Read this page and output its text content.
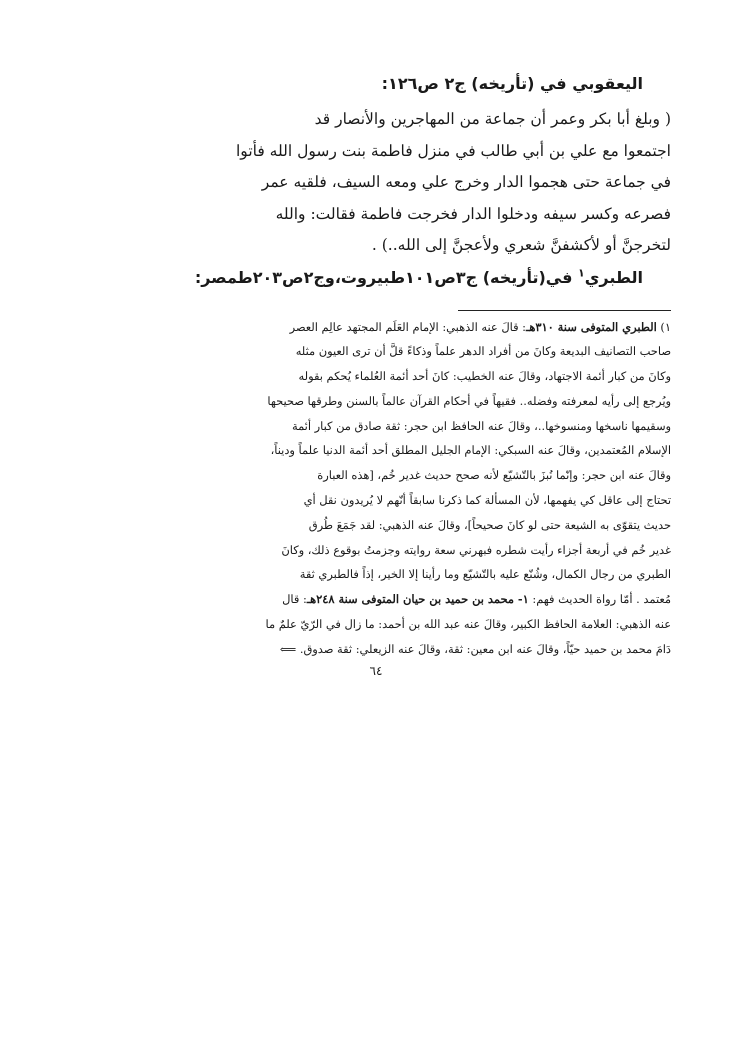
اليعقوبي في (تأريخه) ج٢ ص١٢٦:

( وبلغ أبا بكر وعمر أن جماعة من المهاجرين والأنصار قد

اجتمعوا مع علي بن أبي طالب في منزل فاطمة بنت رسول الله فأتوا

في جماعة حتى هجموا الدار وخرج علي ومعه السيف، فلقيه عمر

فصرعه وكسر سيفه ودخلوا الدار فخرجت فاطمة فقالت: والله

لتخرجنَّ أو لأكشفنَّ شعري ولأعجنَّ إلى الله..) .

الطبري$^١$ في(تأريخه) ج٣ص١٠١طبيروت،وج٢ص٢٠٣طمصر:

١) الطبري المتوفى سنة ٣١٠هـ: قالَ عنه الذهبي: الإمام العَلَم المجتهد عالِم العصر

صاحب التصانيف البديعة وكانَ من أفراد الدهر علماً وذكاءً قلَّ أن ترى العيون مثله

وكانَ من كبار أئمة الاجتهاد، وقالَ عنه الخطيب: كانَ أحد أئمة العُلماء يُحكم بقوله

ويُرجع إلى رأيه لمعرفته وفضله.. فقيهاً في أحكام القرآن عالماً بالسنن وطرقها صحيحها

وسقيمها ناسخها ومنسوخها..، وقالَ عنه الحافظ ابن حجر: ثقة صادق من كبار أئمة

الإسلام المُعتمدين، وقالَ عنه السبكي: الإمام الجليل المطلق أحد أئمة الدنيا علماً وديناً،

وقالَ عنه ابن حجر: وإنّما نُبزَ بالتّشيّع لأنه صحح حديث غدير خُم، [هذه العبارة

تحتاج إلى عاقل كي يفهمها، لأن المسألة كما ذكرنا سابقاً أنّهم لا يُريدون نقل أي

حديث يتقوّى به الشيعة حتى لو كانَ صحيحاً]، وقالَ عنه الذهبي: لقد جَمَعَ طُرق

غدير خُم في أربعة أجزاء رأيت شطره فبهرني سعة روايته وجزمتُ بوقوع ذلك، وكانَ

الطبري من رجال الكمال، وشُنّع عليه بالتّشيّع وما رأينا إلا الخير، إذاً فالطبري ثقة

مُعتمد . أمّا رواة الحديث فهم: ١- محمد بن حميد بن حيان المتوفى سنة ٢٤٨هـ: قال

عنه الذهبي: العلامة الحافظ الكبير، وقالَ عنه عبد الله بن أحمد: ما زال في الرّيّ علمٌ ما

دَامَ محمد بن حميد حيّاً، وقالَ عنه ابن معين: ثقة، وقالَ عنه الزيعلي: ثقة صدوق. ⟸

٦٤
